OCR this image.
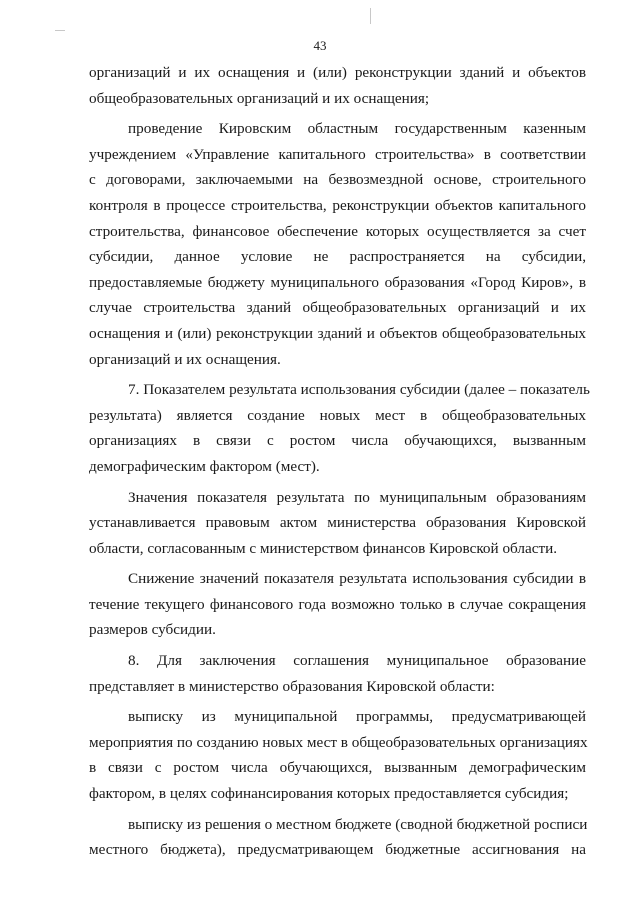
43
организаций и их оснащения и (или) реконструкции зданий и объектов
общеобразовательных организаций и их оснащения;
проведение Кировским областным государственным казенным
учреждением «Управление капитального строительства» в соответствии
с договорами, заключаемыми на безвозмездной основе, строительного
контроля в процессе строительства, реконструкции объектов капитального
строительства, финансовое обеспечение которых осуществляется за счет
субсидии, данное условие не распространяется на субсидии,
предоставляемые бюджету муниципального образования «Город Киров», в
случае строительства зданий общеобразовательных организаций и их
оснащения и (или) реконструкции зданий и объектов общеобразовательных
организаций и их оснащения.
7. Показателем результата использования субсидии (далее – показатель
результата) является создание новых мест в общеобразовательных
организациях в связи с ростом числа обучающихся, вызванным
демографическим фактором (мест).
Значения показателя результата по муниципальным образованиям
устанавливается правовым актом министерства образования Кировской
области, согласованным с министерством финансов Кировской области.
Снижение значений показателя результата использования субсидии в
течение текущего финансового года возможно только в случае сокращения
размеров субсидии.
8. Для заключения соглашения муниципальное образование
представляет в министерство образования Кировской области:
выписку из муниципальной программы, предусматривающей
мероприятия по созданию новых мест в общеобразовательных организациях
в связи с ростом числа обучающихся, вызванным демографическим
фактором, в целях софинансирования которых предоставляется субсидия;
выписку из решения о местном бюджете (сводной бюджетной росписи
местного бюджета), предусматривающем бюджетные ассигнования на
